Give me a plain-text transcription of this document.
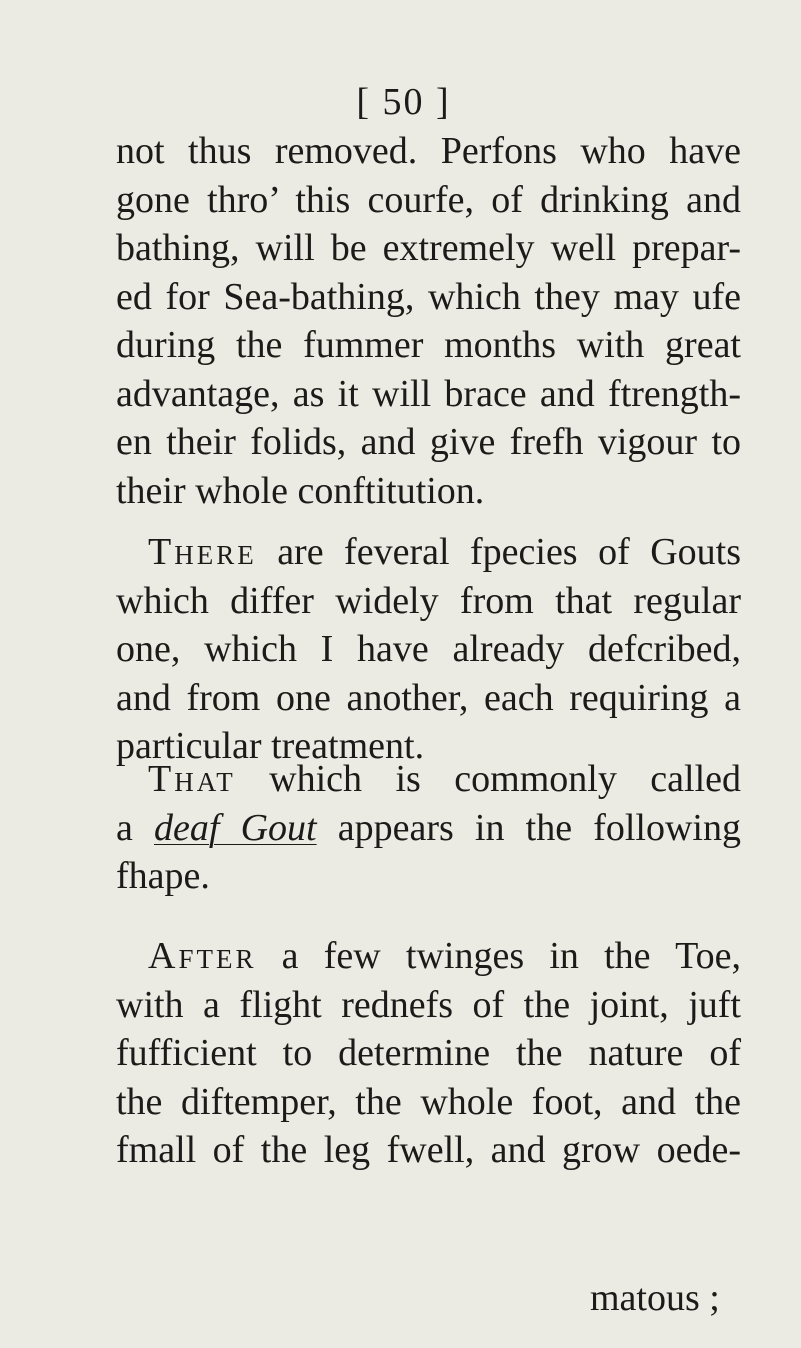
[ 50 ]
not thus removed. Perfons who have
gone thro’ this courfe, of drinking and
bathing, will be extremely well prepar-
ed for Sea-bathing, which they may ufe
during the fummer months with great
advantage, as it will brace and ftrength-
en their folids, and give frefh vigour to
their whole conftitution.
There are feveral fpecies of Gouts
which differ widely from that regular
one, which I have already defcribed,
and from one another, each requiring a
particular treatment.
That which is commonly called
a deaf Gout appears in the following
fhape.
After a few twinges in the Toe,
with a flight rednefs of the joint, juft
fufficient to determine the nature of
the diftemper, the whole foot, and the
fmall of the leg fwell, and grow oede-
matous ;
